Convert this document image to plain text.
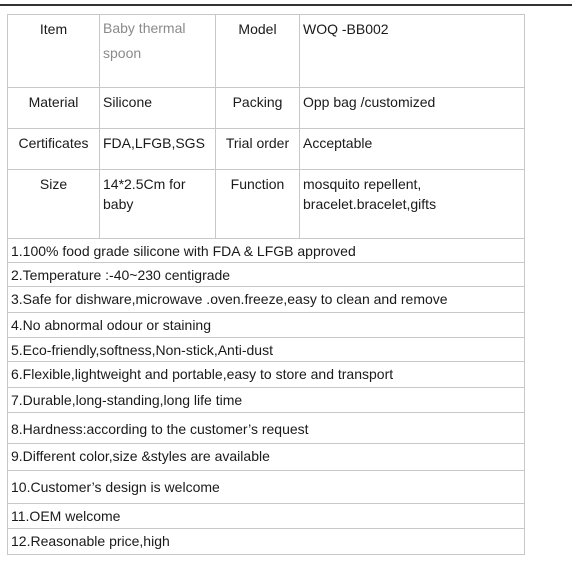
Item	Baby thermal spoon	Model	WOQ -BB002
Material	Silicone	Packing	Opp bag /customized
Certificates	FDA,LFGB,SGS	Trial order	Acceptable
Size	14*2.5Cm for baby	Function	mosquito repellent, bracelet.bracelet,gifts
1.100% food grade silicone with FDA & LFGB approved			
2.Temperature :-40~230 centigrade			
3.Safe for dishware,microwave .oven.freeze,easy to clean and remove			
4.No abnormal odour or staining			
5.Eco-friendly,softness,Non-stick,Anti-dust			
6.Flexible,lightweight and portable,easy to store and transport			
7.Durable,long-standing,long life time			
8.Hardness:according to the customer’s request			
9.Different color,size &styles are available			
10.Customer’s design is welcome			
11.OEM welcome			
12.Reasonable price,high			
